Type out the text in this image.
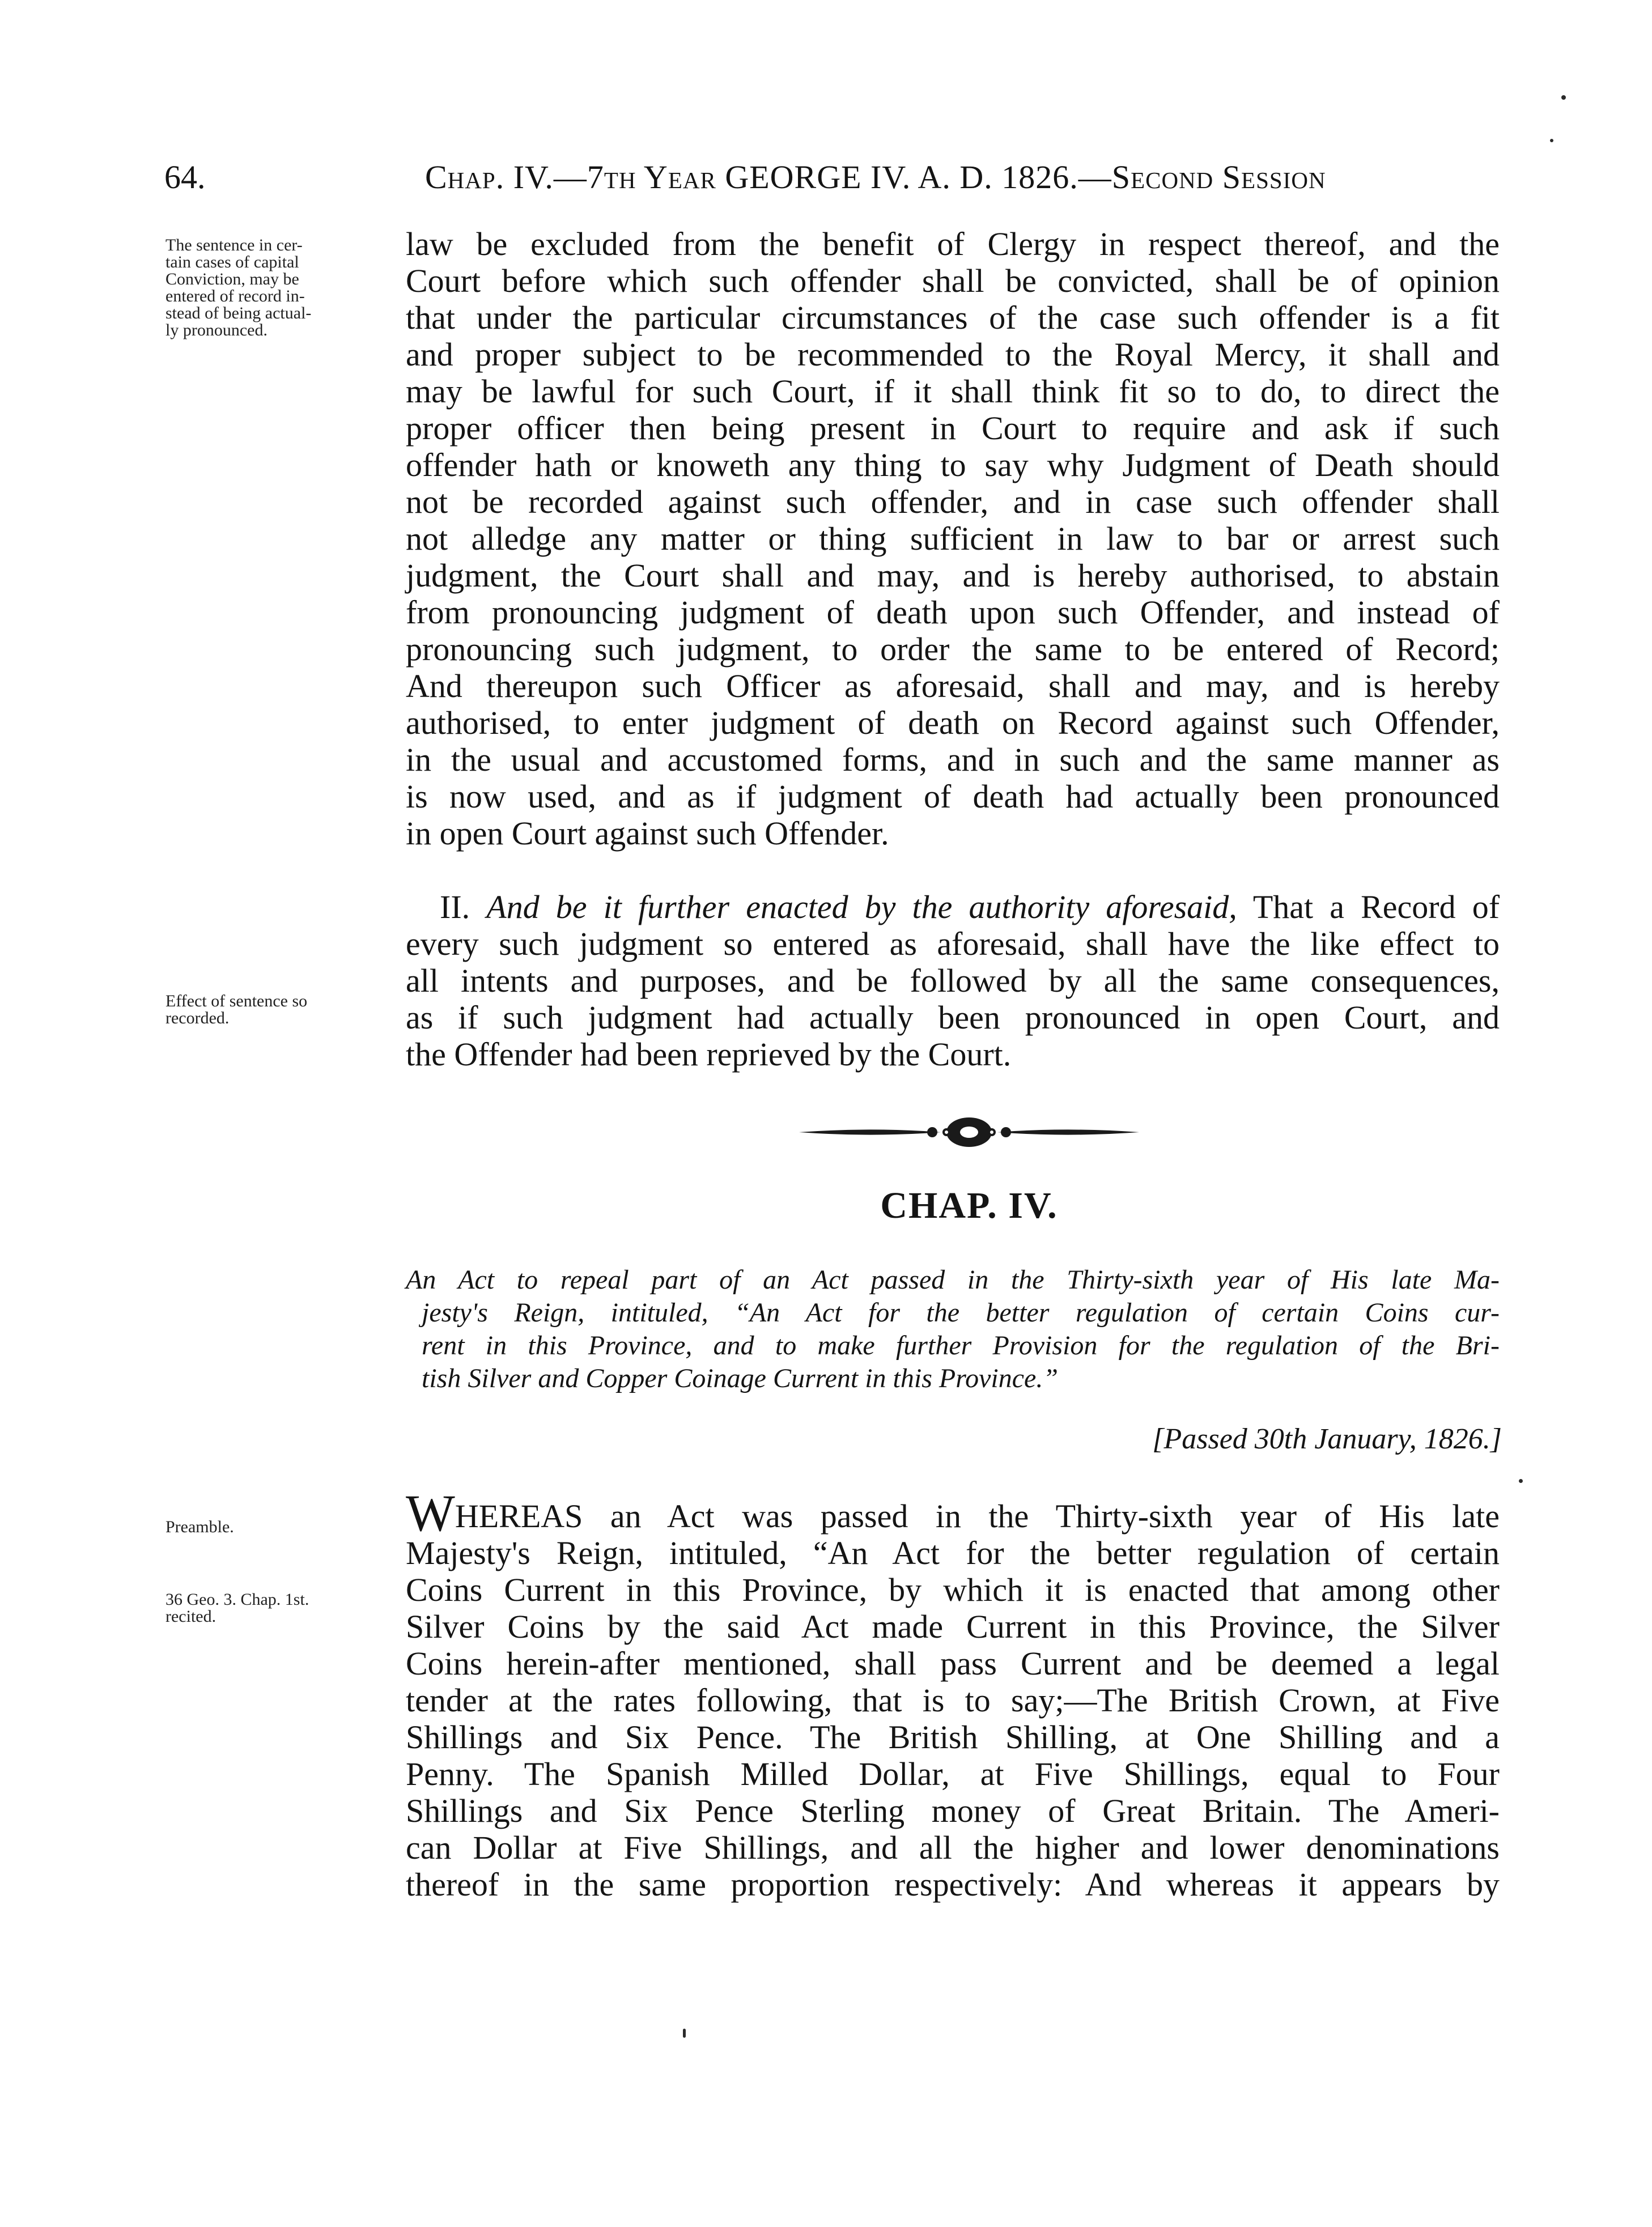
64.	Chap. IV.—7th Year GEORGE IV. A. D. 1826.—Second Session
The sentence in cer-
tain cases of capital
Conviction, may be
entered of record in-
stead of being actual-
ly pronounced.
Effect of sentence so
recorded.
Preamble.
36 Geo. 3. Chap. 1st.
recited.
law be excluded from the benefit of Clergy in respect thereof, and the
Court before which such offender shall be convicted, shall be of opinion
that under the particular circumstances of the case such offender is a fit
and proper subject to be recommended to the Royal Mercy, it shall and
may be lawful for such Court, if it shall think fit so to do, to direct the
proper officer then being present in Court to require and ask if such
offender hath or knoweth any thing to say why Judgment of Death should
not be recorded against such offender, and in case such offender shall
not alledge any matter or thing sufficient in law to bar or arrest such
judgment, the Court shall and may, and is hereby authorised, to abstain
from pronouncing judgment of death upon such Offender, and instead of
pronouncing such judgment, to order the same to be entered of Record;
And thereupon such Officer as aforesaid, shall and may, and is hereby
authorised, to enter judgment of death on Record against such Offender,
in the usual and accustomed forms, and in such and the same manner as
is now used, and as if judgment of death had actually been pronounced
in open Court against such Offender.
II. And be it further enacted by the authority aforesaid, That a Record of
every such judgment so entered as aforesaid, shall have the like effect to
all intents and purposes, and be followed by all the same consequences,
as if such judgment had actually been pronounced in open Court, and
the Offender had been reprieved by the Court.
CHAP. IV.
An Act to repeal part of an Act passed in the Thirty-sixth year of His late Ma-
jesty's Reign, intituled, “An Act for the better regulation of certain Coins cur-
rent in this Province, and to make further Provision for the regulation of the Bri-
tish Silver and Copper Coinage Current in this Province.”
[Passed 30th January, 1826.]
WHEREAS an Act was passed in the Thirty-sixth year of His late
Majesty's Reign, intituled, “An Act for the better regulation of certain
Coins Current in this Province, by which it is enacted that among other
Silver Coins by the said Act made Current in this Province, the Silver
Coins herein-after mentioned, shall pass Current and be deemed a legal
tender at the rates following, that is to say;—The British Crown, at Five
Shillings and Six Pence. The British Shilling, at One Shilling and a
Penny. The Spanish Milled Dollar, at Five Shillings, equal to Four
Shillings and Six Pence Sterling money of Great Britain. The Ameri-
can Dollar at Five Shillings, and all the higher and lower denominations
thereof in the same proportion respectively: And whereas it appears by
